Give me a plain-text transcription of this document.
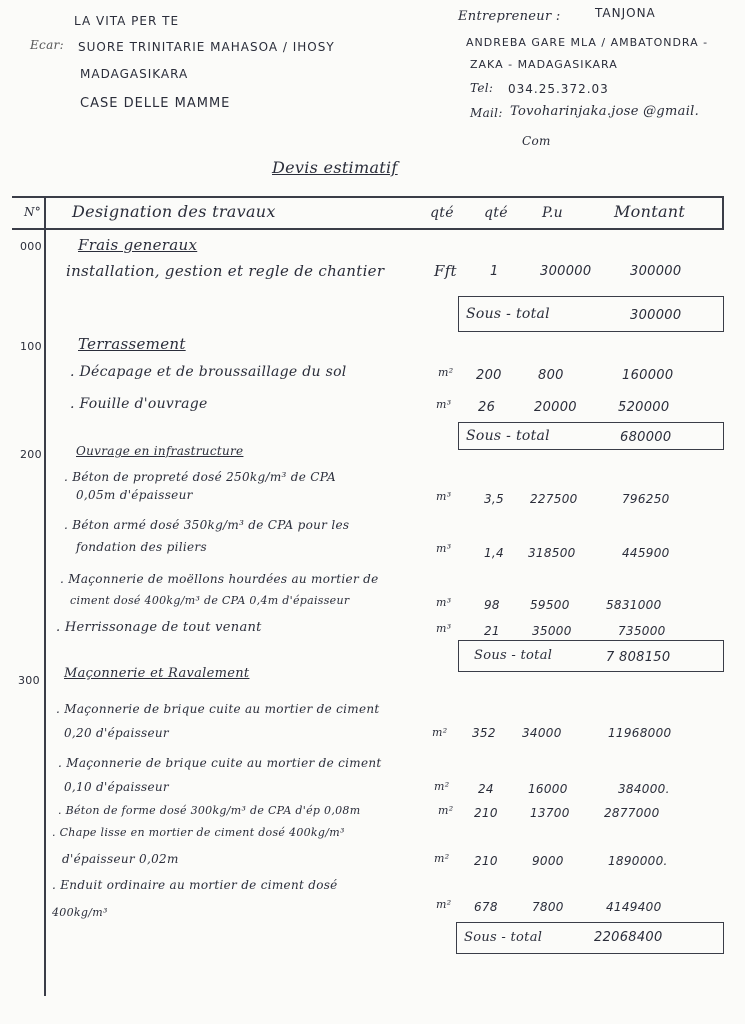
LA VITA PER TE
Ecar: SUORE TRINITARIE MAHASOA / IHOSY
MADAGASIKARA
CASE DELLE MAMME
Entrepreneur :	TANJONA
ANDREBA GARE MLA / AMBATONDRA -
ZAKA - MADAGASIKARA
Tel: 034.25.372.03
Mail: Tovoharinjaka.jose @gmail.
Com
Devis estimatif
N° Designation des travaux	qté qté P.u	Montant
000 Frais generaux
installation, gestion et regle de chantier	Fft	1	300000	300000
Sous - total	300000
100 Terrassement
. Décapage et de broussaillage du sol	m² 200	800	160000
. Fouille d'ouvrage	m³ 26	20000	520000
Sous - total	680000
200	Ouvrage en infrastructure
. Béton de propreté dosé 250kg/m³ de CPA
0,05m d'épaisseur	m³	3,5 227500	796250
. Béton armé dosé 350kg/m³ de CPA pour les
fondation des piliers	m³	1,4 318500	445900
. Maçonnerie de moëllons hourdées au mortier de
ciment dosé 400kg/m³ de CPA 0,4m d'épaisseur	m³	98	59500	5831000
. Herrissonage de tout venant	m³	21	35000	735000
Sous - total	7 808150
300 Maçonnerie et Ravalement
. Maçonnerie de brique cuite au mortier de ciment
0,20 d'épaisseur	m² 352 34000	11968000
. Maçonnerie de brique cuite au mortier de ciment
0,10 d'épaisseur	m² 24	16000	384000.
. Béton de forme dosé 300kg/m³ de CPA d'ép 0,08m	m² 210	13700	2877000
. Chape lisse en mortier de ciment dosé 400kg/m³
d'épaisseur 0,02m	m² 210	9000	1890000.
. Enduit ordinaire au mortier de ciment dosé
400kg/m³
m² 678	7800	4149400
Sous - total	22068400
